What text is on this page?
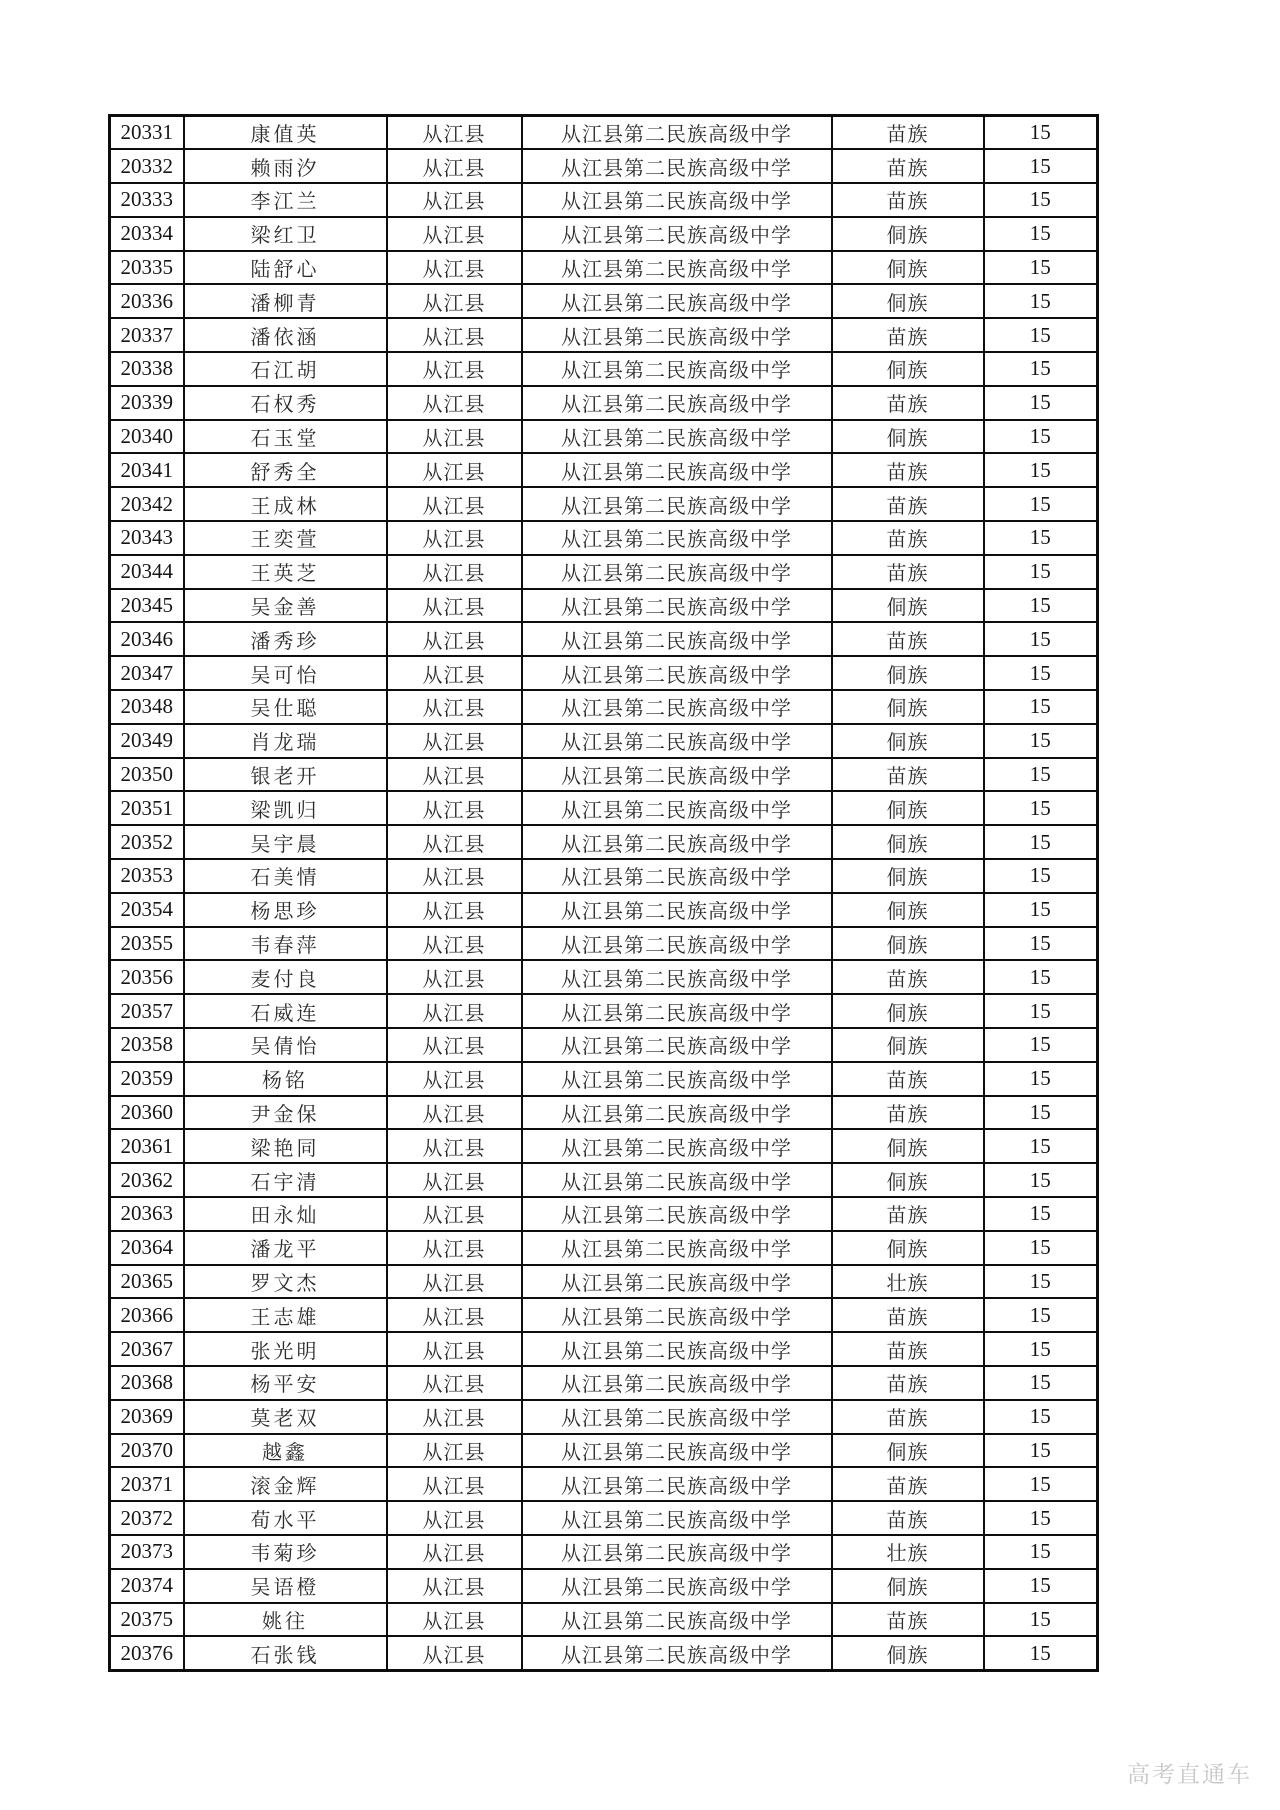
20331	康值英	从江县	从江县第二民族高级中学	苗族	15
20332	赖雨汐	从江县	从江县第二民族高级中学	苗族	15
20333	李江兰	从江县	从江县第二民族高级中学	苗族	15
20334	梁红卫	从江县	从江县第二民族高级中学	侗族	15
20335	陆舒心	从江县	从江县第二民族高级中学	侗族	15
20336	潘柳青	从江县	从江县第二民族高级中学	侗族	15
20337	潘依涵	从江县	从江县第二民族高级中学	苗族	15
20338	石江胡	从江县	从江县第二民族高级中学	侗族	15
20339	石权秀	从江县	从江县第二民族高级中学	苗族	15
20340	石玉堂	从江县	从江县第二民族高级中学	侗族	15
20341	舒秀全	从江县	从江县第二民族高级中学	苗族	15
20342	王成林	从江县	从江县第二民族高级中学	苗族	15
20343	王奕萱	从江县	从江县第二民族高级中学	苗族	15
20344	王英芝	从江县	从江县第二民族高级中学	苗族	15
20345	吴金善	从江县	从江县第二民族高级中学	侗族	15
20346	潘秀珍	从江县	从江县第二民族高级中学	苗族	15
20347	吴可怡	从江县	从江县第二民族高级中学	侗族	15
20348	吴仕聪	从江县	从江县第二民族高级中学	侗族	15
20349	肖龙瑞	从江县	从江县第二民族高级中学	侗族	15
20350	银老开	从江县	从江县第二民族高级中学	苗族	15
20351	梁凯归	从江县	从江县第二民族高级中学	侗族	15
20352	吴宇晨	从江县	从江县第二民族高级中学	侗族	15
20353	石美情	从江县	从江县第二民族高级中学	侗族	15
20354	杨思珍	从江县	从江县第二民族高级中学	侗族	15
20355	韦春萍	从江县	从江县第二民族高级中学	侗族	15
20356	麦付良	从江县	从江县第二民族高级中学	苗族	15
20357	石威连	从江县	从江县第二民族高级中学	侗族	15
20358	吴倩怡	从江县	从江县第二民族高级中学	侗族	15
20359	杨铭	从江县	从江县第二民族高级中学	苗族	15
20360	尹金保	从江县	从江县第二民族高级中学	苗族	15
20361	梁艳同	从江县	从江县第二民族高级中学	侗族	15
20362	石宇清	从江县	从江县第二民族高级中学	侗族	15
20363	田永灿	从江县	从江县第二民族高级中学	苗族	15
20364	潘龙平	从江县	从江县第二民族高级中学	侗族	15
20365	罗文杰	从江县	从江县第二民族高级中学	壮族	15
20366	王志雄	从江县	从江县第二民族高级中学	苗族	15
20367	张光明	从江县	从江县第二民族高级中学	苗族	15
20368	杨平安	从江县	从江县第二民族高级中学	苗族	15
20369	莫老双	从江县	从江县第二民族高级中学	苗族	15
20370	越鑫	从江县	从江县第二民族高级中学	侗族	15
20371	滚金辉	从江县	从江县第二民族高级中学	苗族	15
20372	荀水平	从江县	从江县第二民族高级中学	苗族	15
20373	韦菊珍	从江县	从江县第二民族高级中学	壮族	15
20374	吴语橙	从江县	从江县第二民族高级中学	侗族	15
20375	姚往	从江县	从江县第二民族高级中学	苗族	15
20376	石张钱	从江县	从江县第二民族高级中学	侗族	15
高考直通车
